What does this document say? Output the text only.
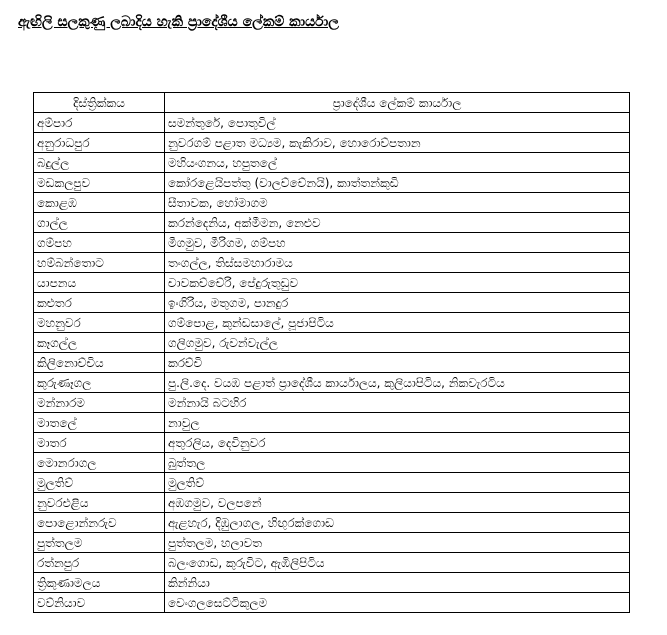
ඇඟිලි සලකුණු ලබාදිය හැකි ප්‍රාදේශීය ලේකම් කාර්යාල
දිස්ත්‍රික්කය	ප්‍රාදේශීය ලේකම් කාර්යාල
අම්පාර	සමන්තුරේ, පොතුවිල්
අනුරාධපුර	නුවරගම් පළාත මධ්‍යම, කැකිරාව, හොරොව්පතාන
බදුල්ල	මහියංගනය, හපුතලේ
මඩකලපුව	කෝරළෙයිපත්තු (වාලච්චේනයි), කාත්තන්කුඩි
කොළඹ	සීතාවක, හෝමාගම
ගාල්ල	කරන්දෙනිය, අක්මීමන, නෙළුව
ගම්පහ	මීගමුව, මීරිගම, ගම්පහ
හම්බන්තොට	තංගල්ල, තිස්සමහාරාමය
යාපනය	චාවකච්චේරි, පේදුරුතුඩුව
කළුතර	ඉංගිරිය, මතුගම, පානදුර
මහනුවර	ගම්පොළ, කුන්ඩසාලේ, පූජාපිටිය
කෑගල්ල	ගලිගමුව, රුවන්වැල්ල
කිලිනොච්චිය	කරච්චි
කුරුණෑගල	පු.ලි.දෙ. වයඹ පළාත් ප්‍රාදේශීය කාර්යාලය, කුලියාපිටිය, නිකවැරටිය
මන්නාරම	මන්නායි බටහිර
මාතලේ	නාවුල
මාතර	අතුරලිය, දෙවිනුවර
මොනරාගල	බුත්තල
මුලතිව්	මුලතිව්
නුවරඑළිය	අඹගමුව, වලපනේ
පොළොන්නරුව	ඇළහැර, දිඹුලාගල, හිඟුරක්ගොඩ
පුත්තලම	පුත්තලම, හලාවත
රත්නපුර	බලංගොඩ, කුරුවිට, ඇඹිලිපිටිය
ත්‍රිකුණාමලය	කින්නියා
වව්නියාව	වෙංගලසෙට්ටිකුලම
